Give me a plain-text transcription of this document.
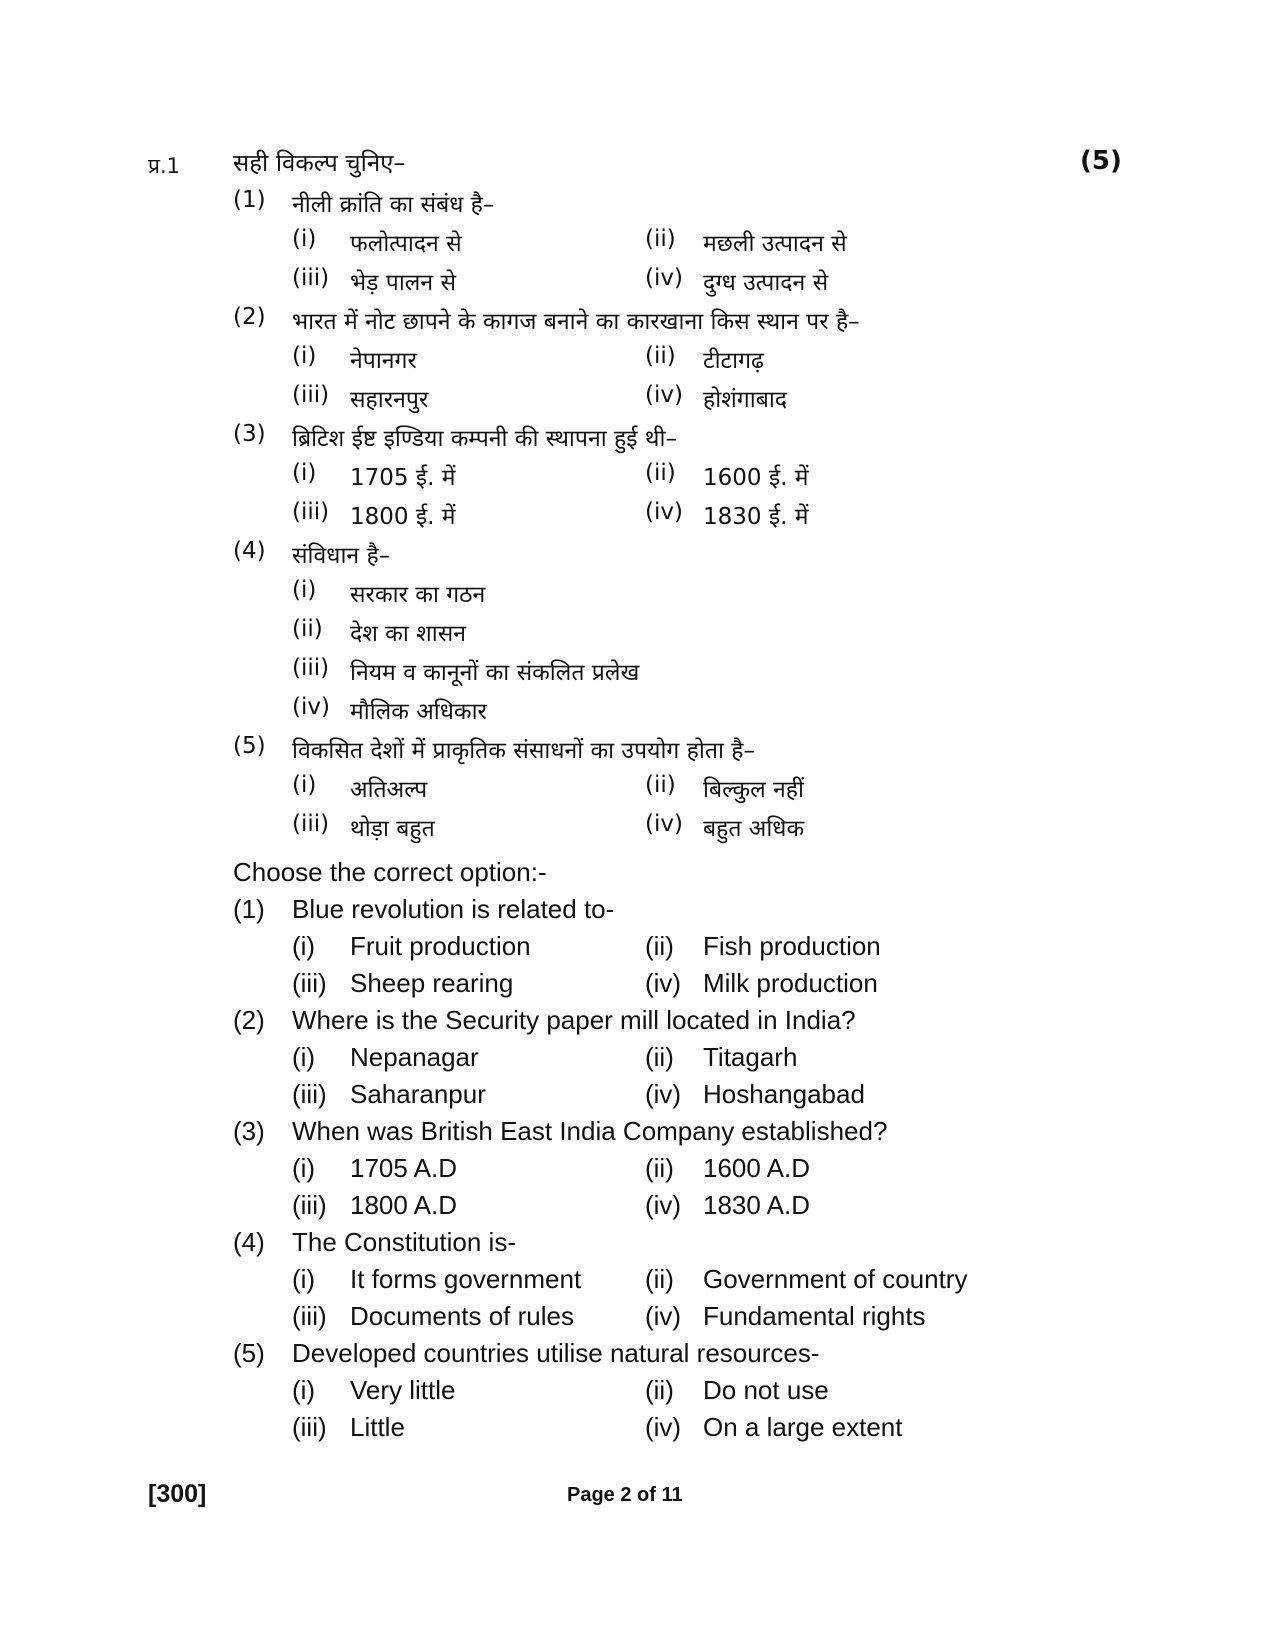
प्र.1 सही विकल्प चुनिए–	(5)
(1) नीली क्रांति का संबंध है–
(i) फलोत्पादन से	(ii) मछली उत्पादन से
(iii) भेड़ पालन से	(iv) दुग्ध उत्पादन से
(2) भारत में नोट छापने के कागज बनाने का कारखाना किस स्थान पर है–
(i) नेपानगर	(ii) टीटागढ़
(iii) सहारनपुर	(iv) होशंगाबाद
(3) ब्रिटिश ईष्ट इण्डिया कम्पनी की स्थापना हुई थी–
(i) 1705 ई. में	(ii) 1600 ई. में
(iii) 1800 ई. में	(iv) 1830 ई. में
(4) संविधान है–
(i) सरकार का गठन
(ii) देश का शासन
(iii) नियम व कानूनों का संकलित प्रलेख
(iv) मौलिक अधिकार
(5) विकसित देशों में प्राकृतिक संसाधनों का उपयोग होता है–
(i) अतिअल्प	(ii) बिल्कुल नहीं
(iii) थोड़ा बहुत	(iv) बहुत अधिक
Choose the correct option:-
(1) Blue revolution is related to-
(i) Fruit production	(ii) Fish production
(iii) Sheep rearing	(iv) Milk production
(2) Where is the Security paper mill located in India?
(i) Nepanagar	(ii) Titagarh
(iii) Saharanpur	(iv) Hoshangabad
(3) When was British East India Company established?
(i) 1705 A.D	(ii) 1600 A.D
(iii) 1800 A.D	(iv) 1830 A.D
(4) The Constitution is-
(i) It forms government (ii) Government of country
(iii) Documents of rules	(iv) Fundamental rights
(5) Developed countries utilise natural resources-
(i) Very little	(ii) Do not use
(iii) Little	(iv) On a large extent
[300]	Page 2 of 11
